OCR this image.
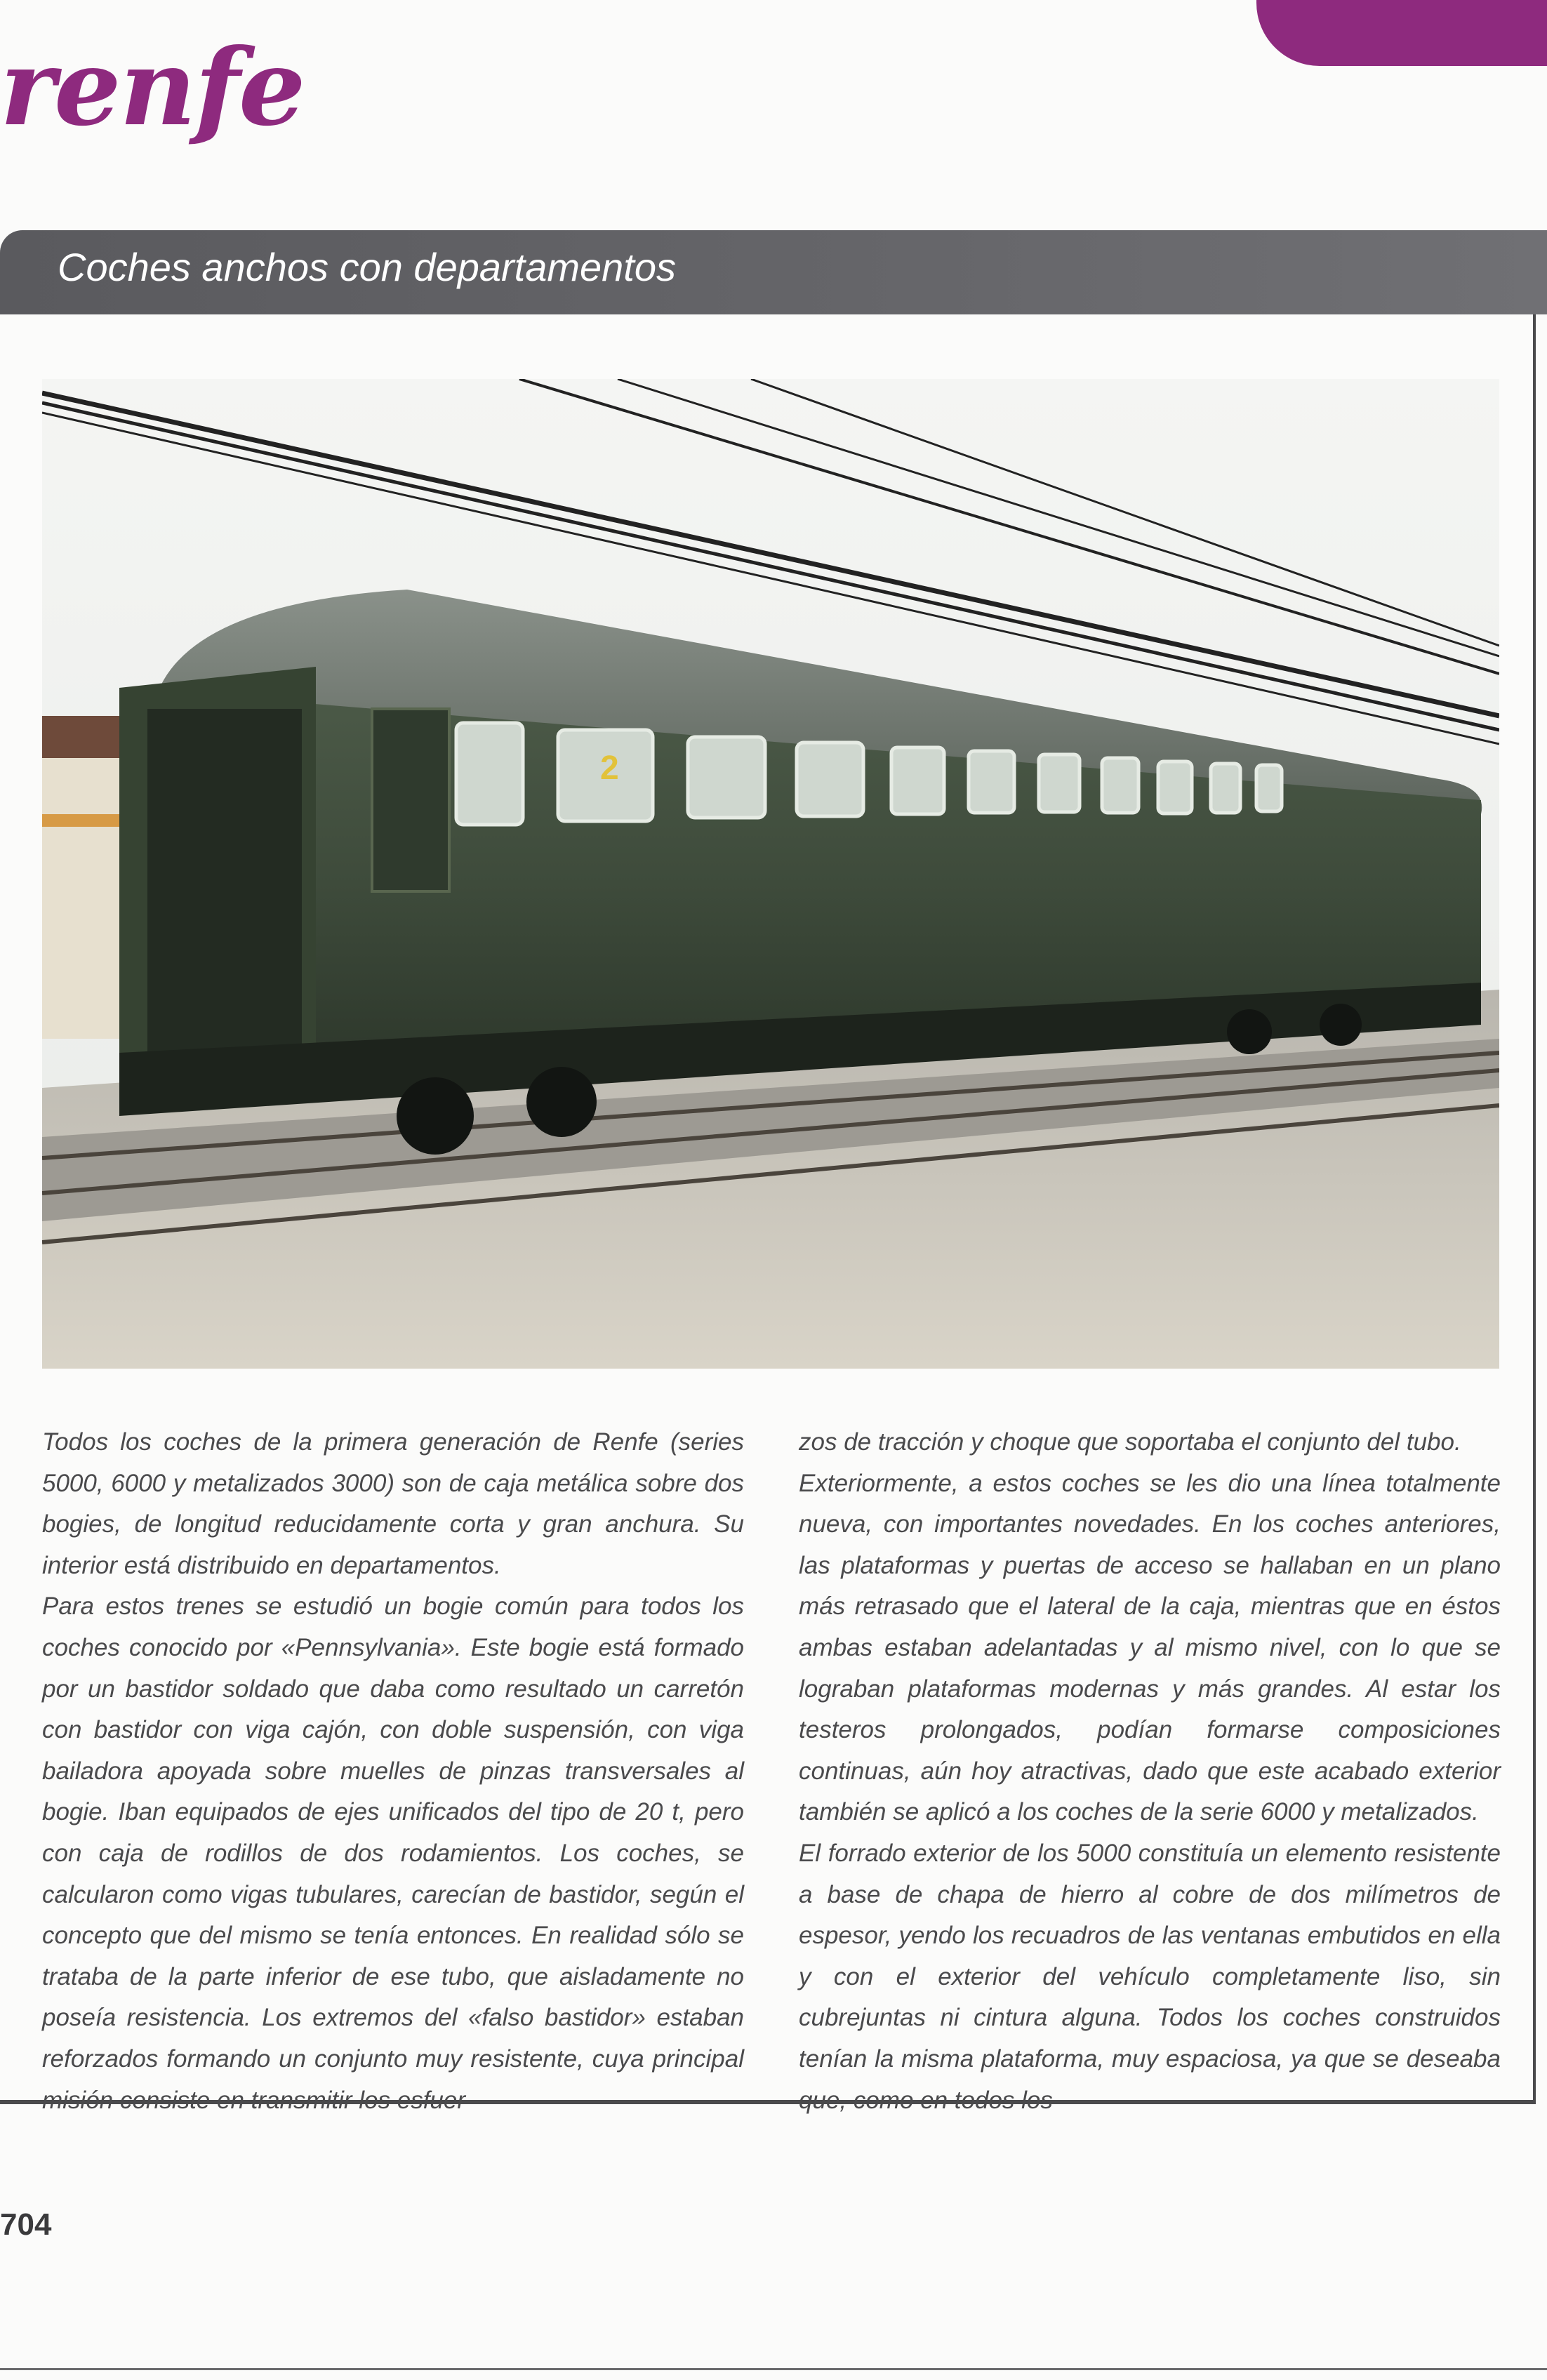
renfe
Coches anchos con departamentos
2

Todos los coches de la primera generación de Renfe (series 5000, 6000 y metalizados 3000) son de caja metálica sobre dos bogies, de longitud reducidamente corta y gran anchura. Su interior está distribuido en departamentos.

Para estos trenes se estudió un bogie común para todos los coches conocido por «Pennsylvania». Este bogie está formado por un bastidor soldado que daba como resultado un carretón con bastidor con viga cajón, con doble suspensión, con viga bailadora apoyada sobre muelles de pinzas transversales al bogie. Iban equipados de ejes unificados del tipo de 20 t, pero con caja de rodillos de dos rodamientos. Los coches, se calcularon como vigas tubulares, carecían de bastidor, según el concepto que del mismo se tenía entonces. En realidad sólo se trataba de la parte inferior de ese tubo, que aisladamente no poseía resistencia. Los extremos del «falso bastidor» estaban reforzados formando un conjunto muy resistente, cuya principal misión consiste en transmitir los esfuer-

zos de tracción y choque que soportaba el conjunto del tubo.

Exteriormente, a estos coches se les dio una línea totalmente nueva, con importantes novedades. En los coches anteriores, las plataformas y puertas de acceso se hallaban en un plano más retrasado que el lateral de la caja, mientras que en éstos ambas estaban adelantadas y al mismo nivel, con lo que se lograban plataformas modernas y más grandes. Al estar los testeros prolongados, podían formarse composiciones continuas, aún hoy atractivas, dado que este acabado exterior también se aplicó a los coches de la serie 6000 y metalizados.

El forrado exterior de los 5000 constituía un elemento resistente a base de chapa de hierro al cobre de dos milímetros de espesor, yendo los recuadros de las ventanas embutidos en ella y con el exterior del vehículo completamente liso, sin cubrejuntas ni cintura alguna. Todos los coches construidos tenían la misma plataforma, muy espaciosa, ya que se deseaba que, como en todos los

704
